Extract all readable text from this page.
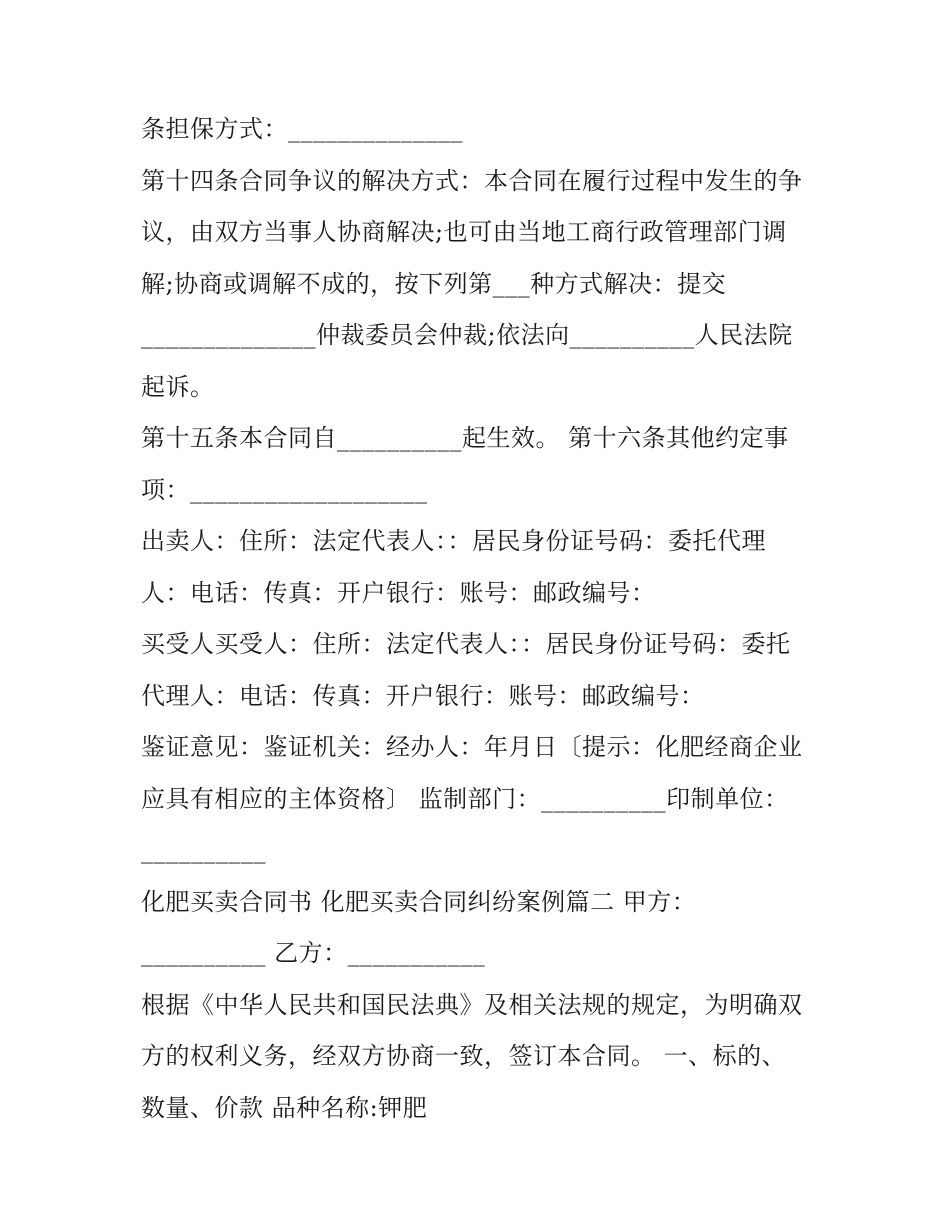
条担保方式：______________
第十四条合同争议的解决方式：本合同在履行过程中发生的争
议，由双方当事人协商解决;也可由当地工商行政管理部门调
解;协商或调解不成的，按下列第___种方式解决：提交
______________仲裁委员会仲裁;依法向__________人民法院
起诉。
第十五条本合同自__________起生效。 第十六条其他约定事
项：___________________
出卖人：住所：法定代表人：：居民身份证号码：委托代理
人：电话：传真：开户银行：账号：邮政编号：
买受人买受人：住所：法定代表人：：居民身份证号码：委托
代理人：电话：传真：开户银行：账号：邮政编号：
鉴证意见：鉴证机关：经办人：年月日〔提示：化肥经商企业
应具有相应的主体资格〕 监制部门：__________印制单位：
__________
化肥买卖合同书 化肥买卖合同纠纷案例篇二 甲方：
__________ 乙方：___________
根据《中华人民共和国民法典》及相关法规的规定，为明确双
方的权利义务，经双方协商一致，签订本合同。 一、标的、
数量、价款 品种名称:钾肥
